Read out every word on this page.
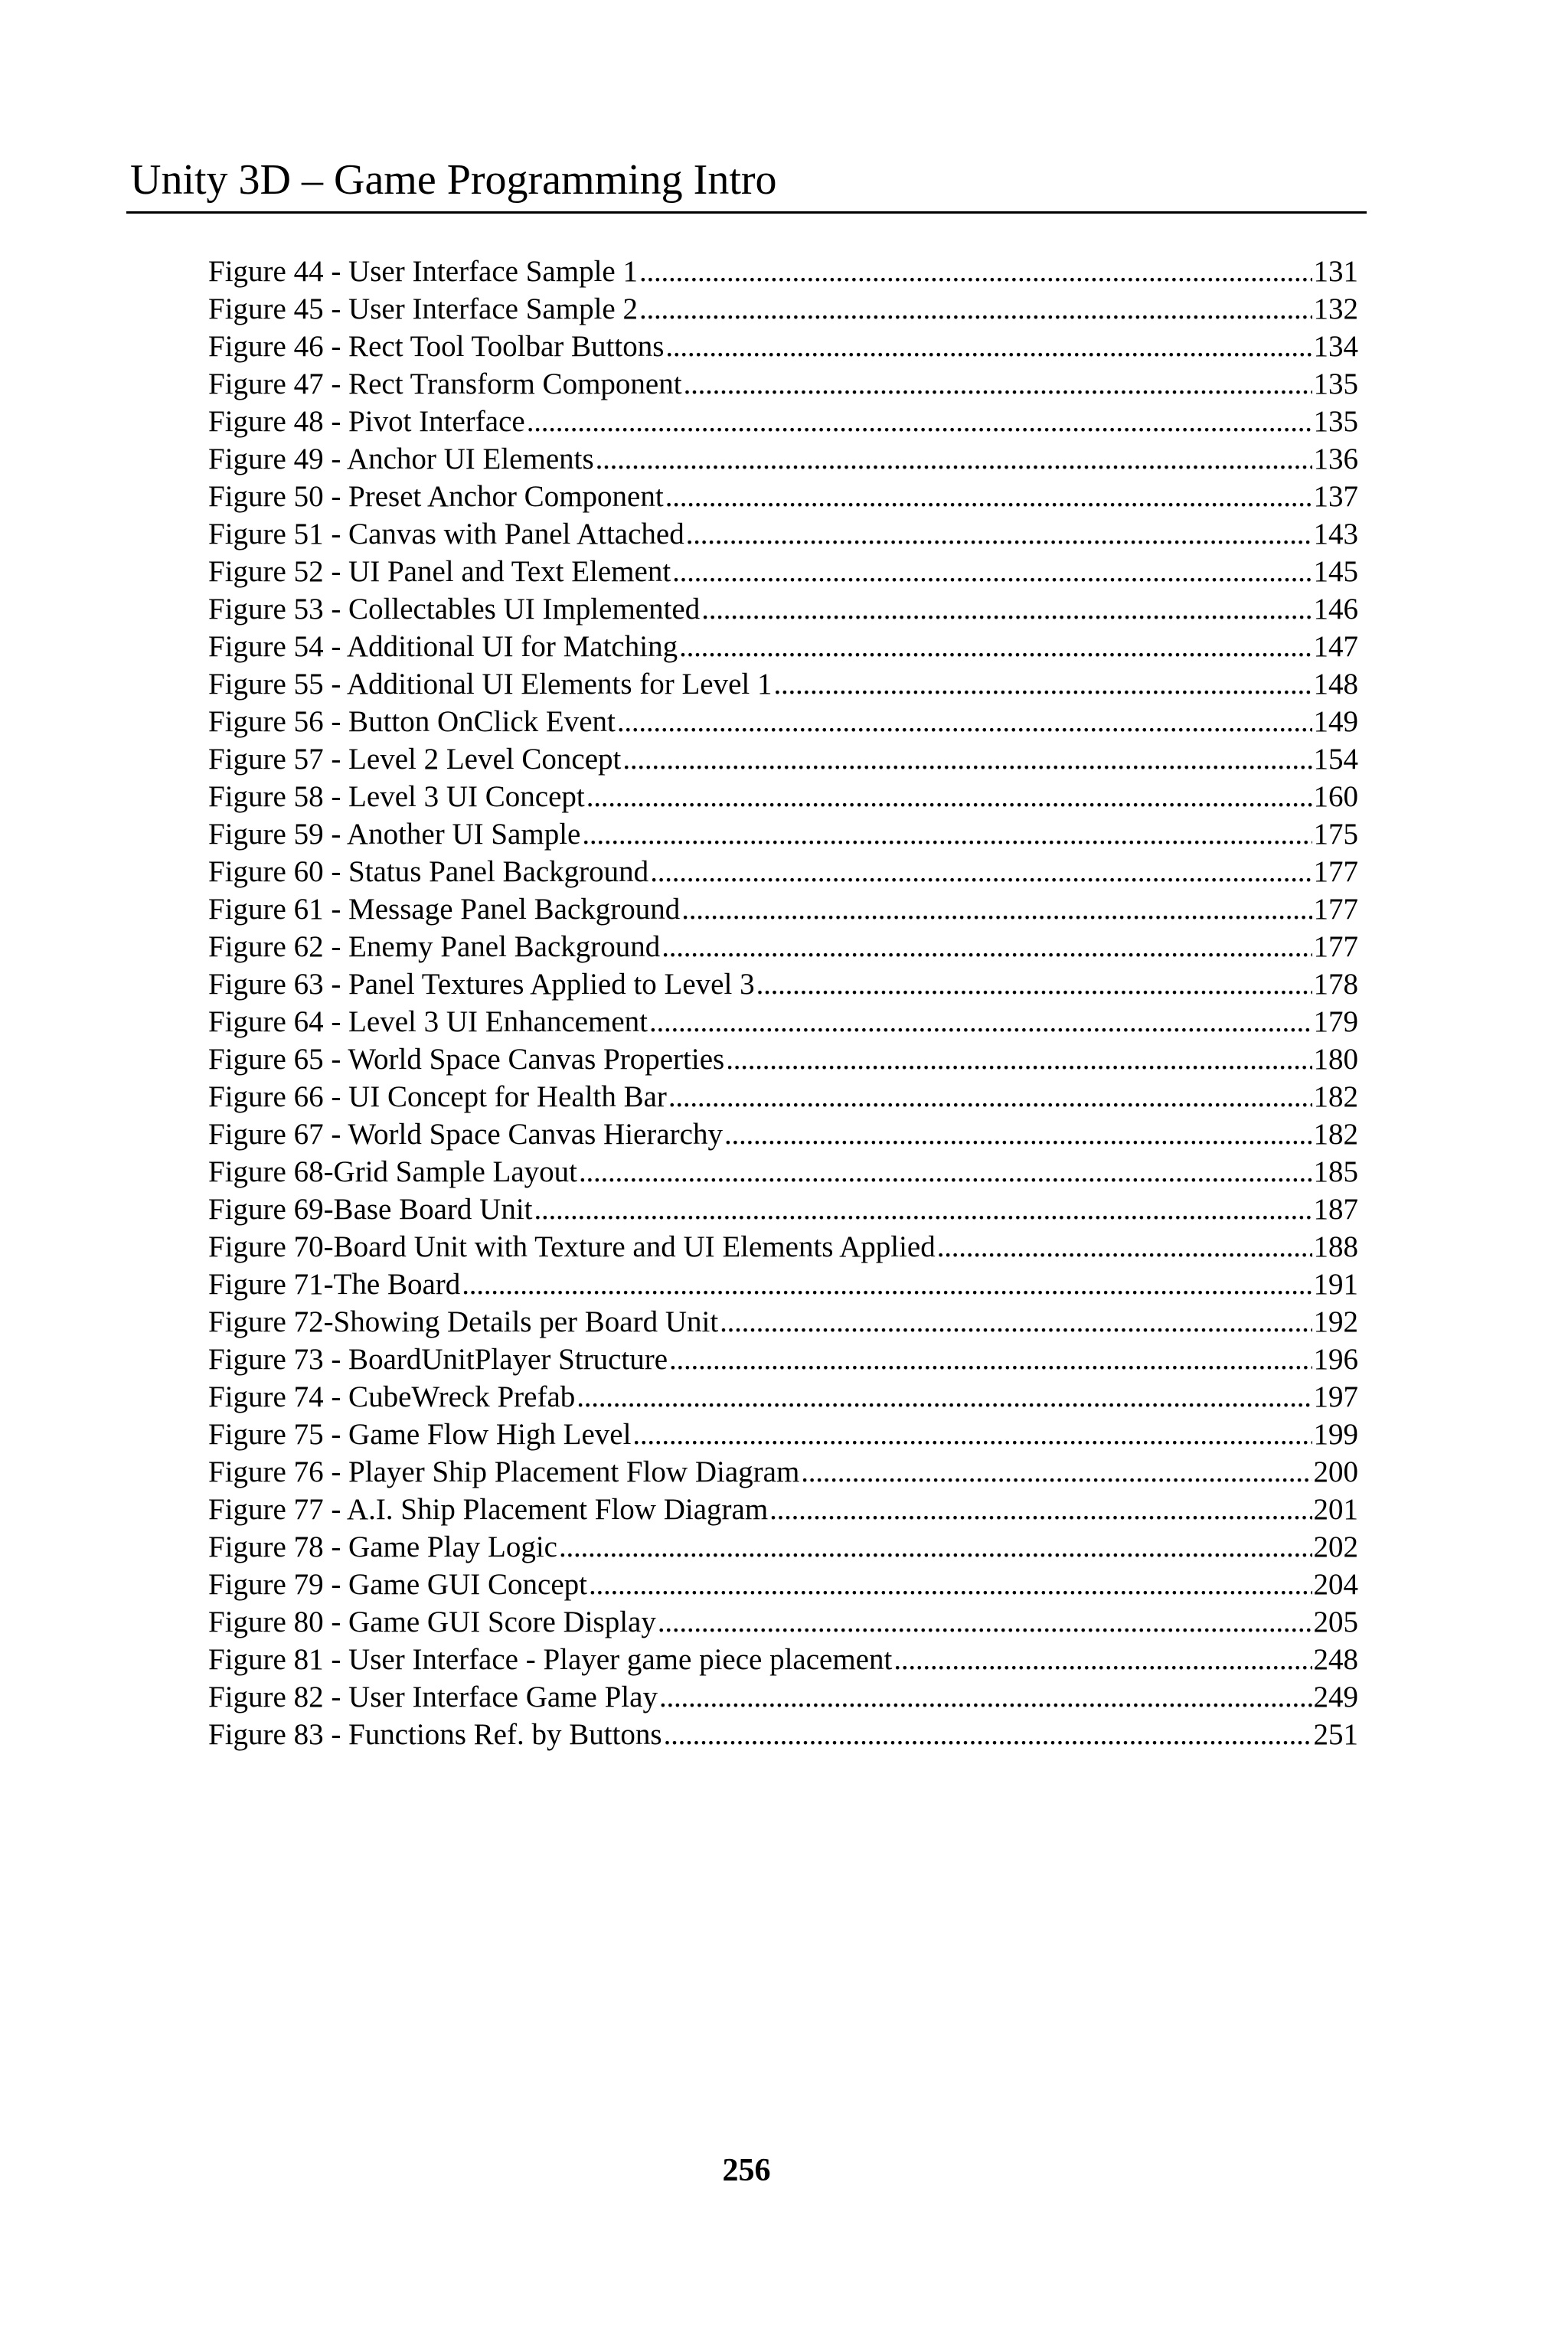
Unity 3D – Game Programming Intro
Figure 44 - User Interface Sample 1 . . .	131
Figure 45 - User Interface Sample 2 . . .	132
Figure 46 - Rect Tool Toolbar Buttons . . .	134
Figure 47 - Rect Transform Component . . .	135
Figure 48 - Pivot Interface . . .	135
Figure 49 - Anchor UI Elements . . .	136
Figure 50 - Preset Anchor Component . . .	137
Figure 51 - Canvas with Panel Attached . . .	143
Figure 52 - UI Panel and Text Element . . .	145
Figure 53 - Collectables UI Implemented . . .	146
Figure 54 - Additional UI for Matching . . .	147
Figure 55 - Additional UI Elements for Level 1 . . .	148
Figure 56 - Button OnClick Event . . .	149
Figure 57 - Level 2 Level Concept . . .	154
Figure 58 - Level 3 UI Concept . . .	160
Figure 59 - Another UI Sample . . .	175
Figure 60 - Status Panel Background . . .	177
Figure 61 - Message Panel Background . . .	177
Figure 62 - Enemy Panel Background . . .	177
Figure 63 - Panel Textures Applied to Level 3 . . .	178
Figure 64 - Level 3 UI Enhancement . . .	179
Figure 65 - World Space Canvas Properties . . .	180
Figure 66 - UI Concept for Health Bar . . .	182
Figure 67 - World Space Canvas Hierarchy . . .	182
Figure 68-Grid Sample Layout . . .	185
Figure 69-Base Board Unit . . .	187
Figure 70-Board Unit with Texture and UI Elements Applied . . .	188
Figure 71-The Board . . .	191
Figure 72-Showing Details per Board Unit . . .	192
Figure 73 - BoardUnitPlayer Structure . . .	196
Figure 74 - CubeWreck Prefab . . .	197
Figure 75 - Game Flow High Level . . .	199
Figure 76 - Player Ship Placement Flow Diagram . . .	200
Figure 77 - A.I. Ship Placement Flow Diagram . . .	201
Figure 78 - Game Play Logic . . .	202
Figure 79 - Game GUI Concept . . .	204
Figure 80 - Game GUI Score Display . . .	205
Figure 81 - User Interface - Player game piece placement . . .	248
Figure 82 - User Interface Game Play . . .	249
Figure 83 - Functions Ref. by Buttons . . .	251
256
